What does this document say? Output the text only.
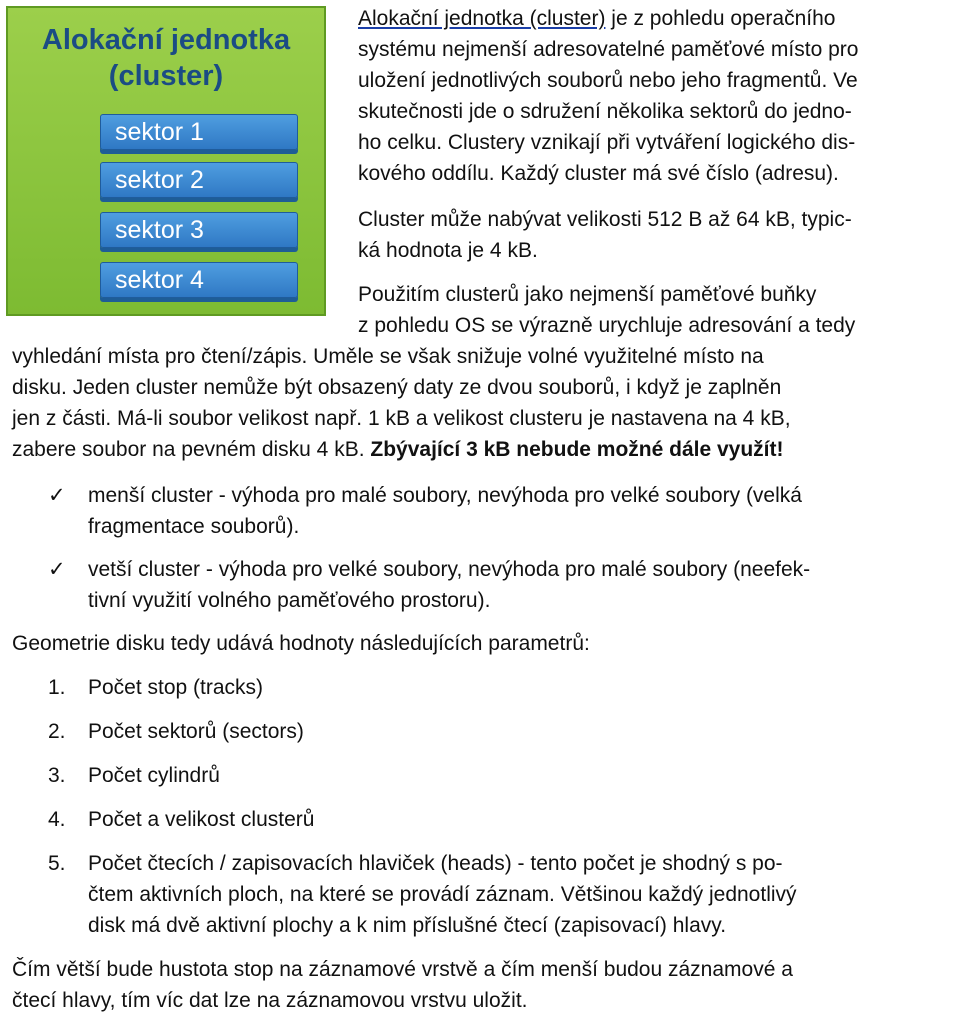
Alokační jednotka
(cluster)
sektor 1
sektor 2
sektor 3
sektor 4
Alokační jednotka (cluster) je z pohledu operačního
systému nejmenší adresovatelné paměťové místo pro
uložení jednotlivých souborů nebo jeho fragmentů. Ve
skutečnosti jde o sdružení několika sektorů do jedno-
ho celku. Clustery vznikají při vytváření logického dis-
kového oddílu. Každý cluster má své číslo (adresu).
Cluster může nabývat velikosti 512 B až 64 kB, typic-
ká hodnota je 4 kB.
Použitím clusterů jako nejmenší paměťové buňky
z pohledu OS se výrazně urychluje adresování a tedy
vyhledání místa pro čtení/zápis. Uměle se však snižuje volné využitelné místo na
disku. Jeden cluster nemůže být obsazený daty ze dvou souborů, i když je zaplněn
jen z části. Má-li soubor velikost např. 1 kB a velikost clusteru je nastavena na 4 kB,
zabere soubor na pevném disku 4 kB. Zbývající 3 kB nebude možné dále využít!
✓ menší cluster - výhoda pro malé soubory, nevýhoda pro velké soubory (velká
fragmentace souborů).
✓ vetší cluster - výhoda pro velké soubory, nevýhoda pro malé soubory (neefek-
tivní využití volného paměťového prostoru).
Geometrie disku tedy udává hodnoty následujících parametrů:
1. Počet stop (tracks)
2. Počet sektorů (sectors)
3. Počet cylindrů
4. Počet a velikost clusterů
5. Počet čtecích / zapisovacích hlaviček (heads) - tento počet je shodný s po-
čtem aktivních ploch, na které se provádí záznam. Většinou každý jednotlivý
disk má dvě aktivní plochy a k nim příslušné čtecí (zapisovací) hlavy.
Čím větší bude hustota stop na záznamové vrstvě a čím menší budou záznamové a
čtecí hlavy, tím víc dat lze na záznamovou vrstvu uložit.
